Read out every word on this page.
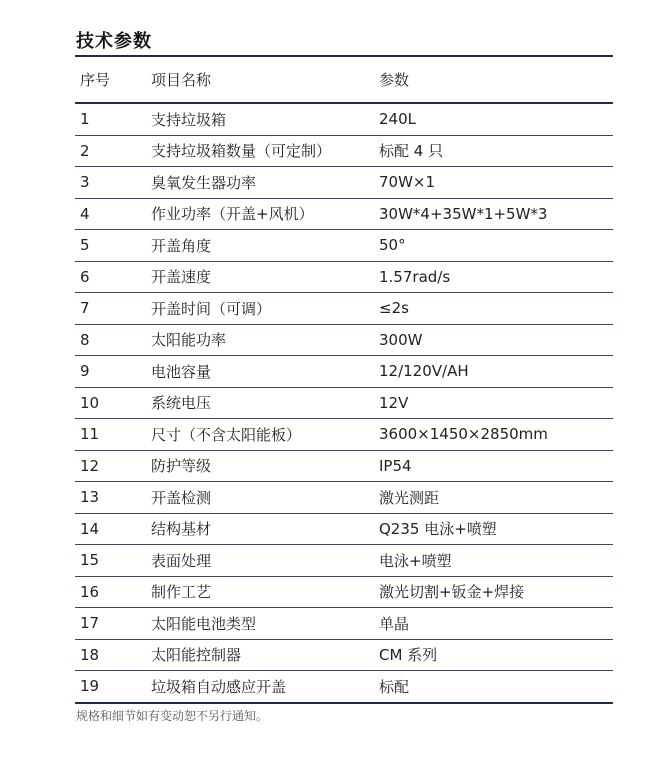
技术参数
序号	项目名称	参数
1	支持垃圾箱	240L
2	支持垃圾箱数量（可定制）	标配 4 只
3	臭氧发生器功率	70W×1
4	作业功率（开盖+风机）	30W*4+35W*1+5W*3
5	开盖角度	50°
6	开盖速度	1.57rad/s
7	开盖时间（可调）	≤2s
8	太阳能功率	300W
9	电池容量	12/120V/AH
10	系统电压	12V
11	尺寸（不含太阳能板）	3600×1450×2850mm
12	防护等级	IP54
13	开盖检测	激光测距
14	结构基材	Q235 电泳+喷塑
15	表面处理	电泳+喷塑
16	制作工艺	激光切割+钣金+焊接
17	太阳能电池类型	单晶
18	太阳能控制器	CM 系列
19	垃圾箱自动感应开盖	标配
规格和细节如有变动恕不另行通知。
